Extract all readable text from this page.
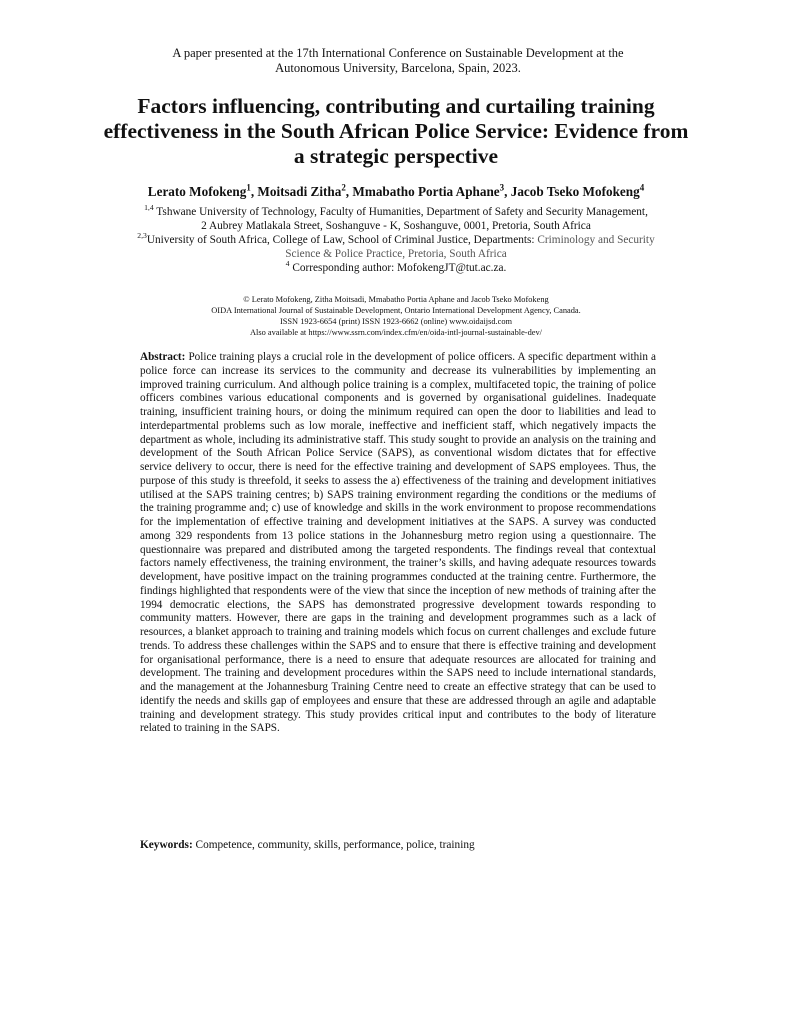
A paper presented at the 17th International Conference on Sustainable Development at the
Autonomous University, Barcelona, Spain, 2023.
Factors influencing, contributing and curtailing training effectiveness in the South African Police Service: Evidence from a strategic perspective
Lerato Mofokeng$^1$, Moitsadi Zitha$^2$, Mmabatho Portia Aphane$^3$, Jacob Tseko Mofokeng$^4$
$^{1,4}$ Tshwane University of Technology, Faculty of Humanities, Department of Safety and Security Management,
2 Aubrey Matlakala Street, Soshanguve - K, Soshanguve, 0001, Pretoria, South Africa
$^{2,3}$University of South Africa, College of Law, School of Criminal Justice, Departments: Criminology and Security
Science & Police Practice, Pretoria, South Africa
$^4$ Corresponding author: MofokengJT@tut.ac.za.
© Lerato Mofokeng, Zitha Moitsadi, Mmabatho Portia Aphane and Jacob Tseko Mofokeng
OIDA International Journal of Sustainable Development, Ontario International Development Agency, Canada.
ISSN 1923-6654 (print) ISSN 1923-6662 (online) www.oidaijsd.com
Also available at https://www.ssrn.com/index.cfm/en/oida-intl-journal-sustainable-dev/
Abstract: Police training plays a crucial role in the development of police officers. A specific department within a police force can increase its services to the community and decrease its vulnerabilities by implementing an improved training curriculum. And although police training is a complex, multifaceted topic, the training of police officers combines various educational components and is governed by organisational guidelines. Inadequate training, insufficient training hours, or doing the minimum required can open the door to liabilities and lead to interdepartmental problems such as low morale, ineffective and inefficient staff, which negatively impacts the department as whole, including its administrative staff. This study sought to provide an analysis on the training and development of the South African Police Service (SAPS), as conventional wisdom dictates that for effective service delivery to occur, there is need for the effective training and development of SAPS employees. Thus, the purpose of this study is threefold, it seeks to assess the a) effectiveness of the training and development initiatives utilised at the SAPS training centres; b) SAPS training environment regarding the conditions or the mediums of the training programme and; c) use of knowledge and skills in the work environment to propose recommendations for the implementation of effective training and development initiatives at the SAPS. A survey was conducted among 329 respondents from 13 police stations in the Johannesburg metro region using a questionnaire. The questionnaire was prepared and distributed among the targeted respondents. The findings reveal that contextual factors namely effectiveness, the training environment, the trainer’s skills, and having adequate resources towards development, have positive impact on the training programmes conducted at the training centre. Furthermore, the findings highlighted that respondents were of the view that since the inception of new methods of training after the 1994 democratic elections, the SAPS has demonstrated progressive development towards responding to community matters. However, there are gaps in the training and development programmes such as a lack of resources, a blanket approach to training and training models which focus on current challenges and exclude future trends. To address these challenges within the SAPS and to ensure that there is effective training and development for organisational performance, there is a need to ensure that adequate resources are allocated for training and development. The training and development procedures within the SAPS need to include international standards, and the management at the Johannesburg Training Centre need to create an effective strategy that can be used to identify the needs and skills gap of employees and ensure that these are addressed through an agile and adaptable training and development strategy. This study provides critical input and contributes to the body of literature related to training in the SAPS.
Keywords: Competence, community, skills, performance, police, training
